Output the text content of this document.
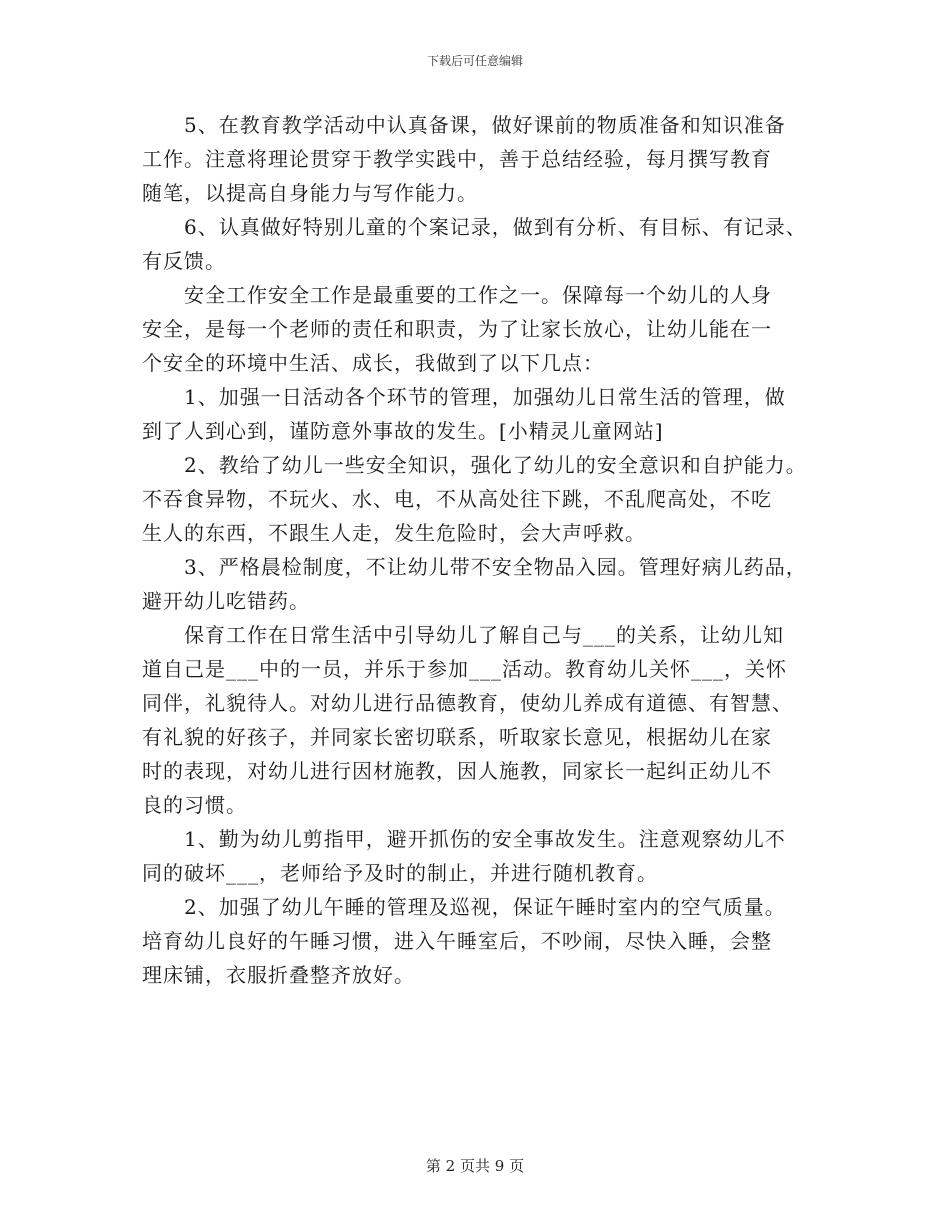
下载后可任意编辑

　　5、在教育教学活动中认真备课，做好课前的物质准备和知识准备
工作。注意将理论贯穿于教学实践中，善于总结经验，每月撰写教育
随笔，以提高自身能力与写作能力。

　　6、认真做好特别儿童的个案记录，做到有分析、有目标、有记录、
有反馈。

　　安全工作安全工作是最重要的工作之一。保障每一个幼儿的人身
安全，是每一个老师的责任和职责，为了让家长放心，让幼儿能在一
个安全的环境中生活、成长，我做到了以下几点：

　　1、加强一日活动各个环节的管理，加强幼儿日常生活的管理，做
到了人到心到，谨防意外事故的发生。[小精灵儿童网站]

　　2、教给了幼儿一些安全知识，强化了幼儿的安全意识和自护能力。
不吞食异物，不玩火、水、电，不从高处往下跳，不乱爬高处，不吃
生人的东西，不跟生人走，发生危险时，会大声呼救。

　　3、严格晨检制度，不让幼儿带不安全物品入园。管理好病儿药品，
避开幼儿吃错药。

　　保育工作在日常生活中引导幼儿了解自己与___的关系，让幼儿知
道自己是___中的一员，并乐于参加___活动。教育幼儿关怀___，关怀
同伴，礼貌待人。对幼儿进行品德教育，使幼儿养成有道德、有智慧、
有礼貌的好孩子，并同家长密切联系，听取家长意见，根据幼儿在家
时的表现，对幼儿进行因材施教，因人施教，同家长一起纠正幼儿不
良的习惯。

　　1、勤为幼儿剪指甲，避开抓伤的安全事故发生。注意观察幼儿不
同的破坏___，老师给予及时的制止，并进行随机教育。

　　2、加强了幼儿午睡的管理及巡视，保证午睡时室内的空气质量。
培育幼儿良好的午睡习惯，进入午睡室后，不吵闹，尽快入睡，会整
理床铺，衣服折叠整齐放好。

第 2 页共 9 页
